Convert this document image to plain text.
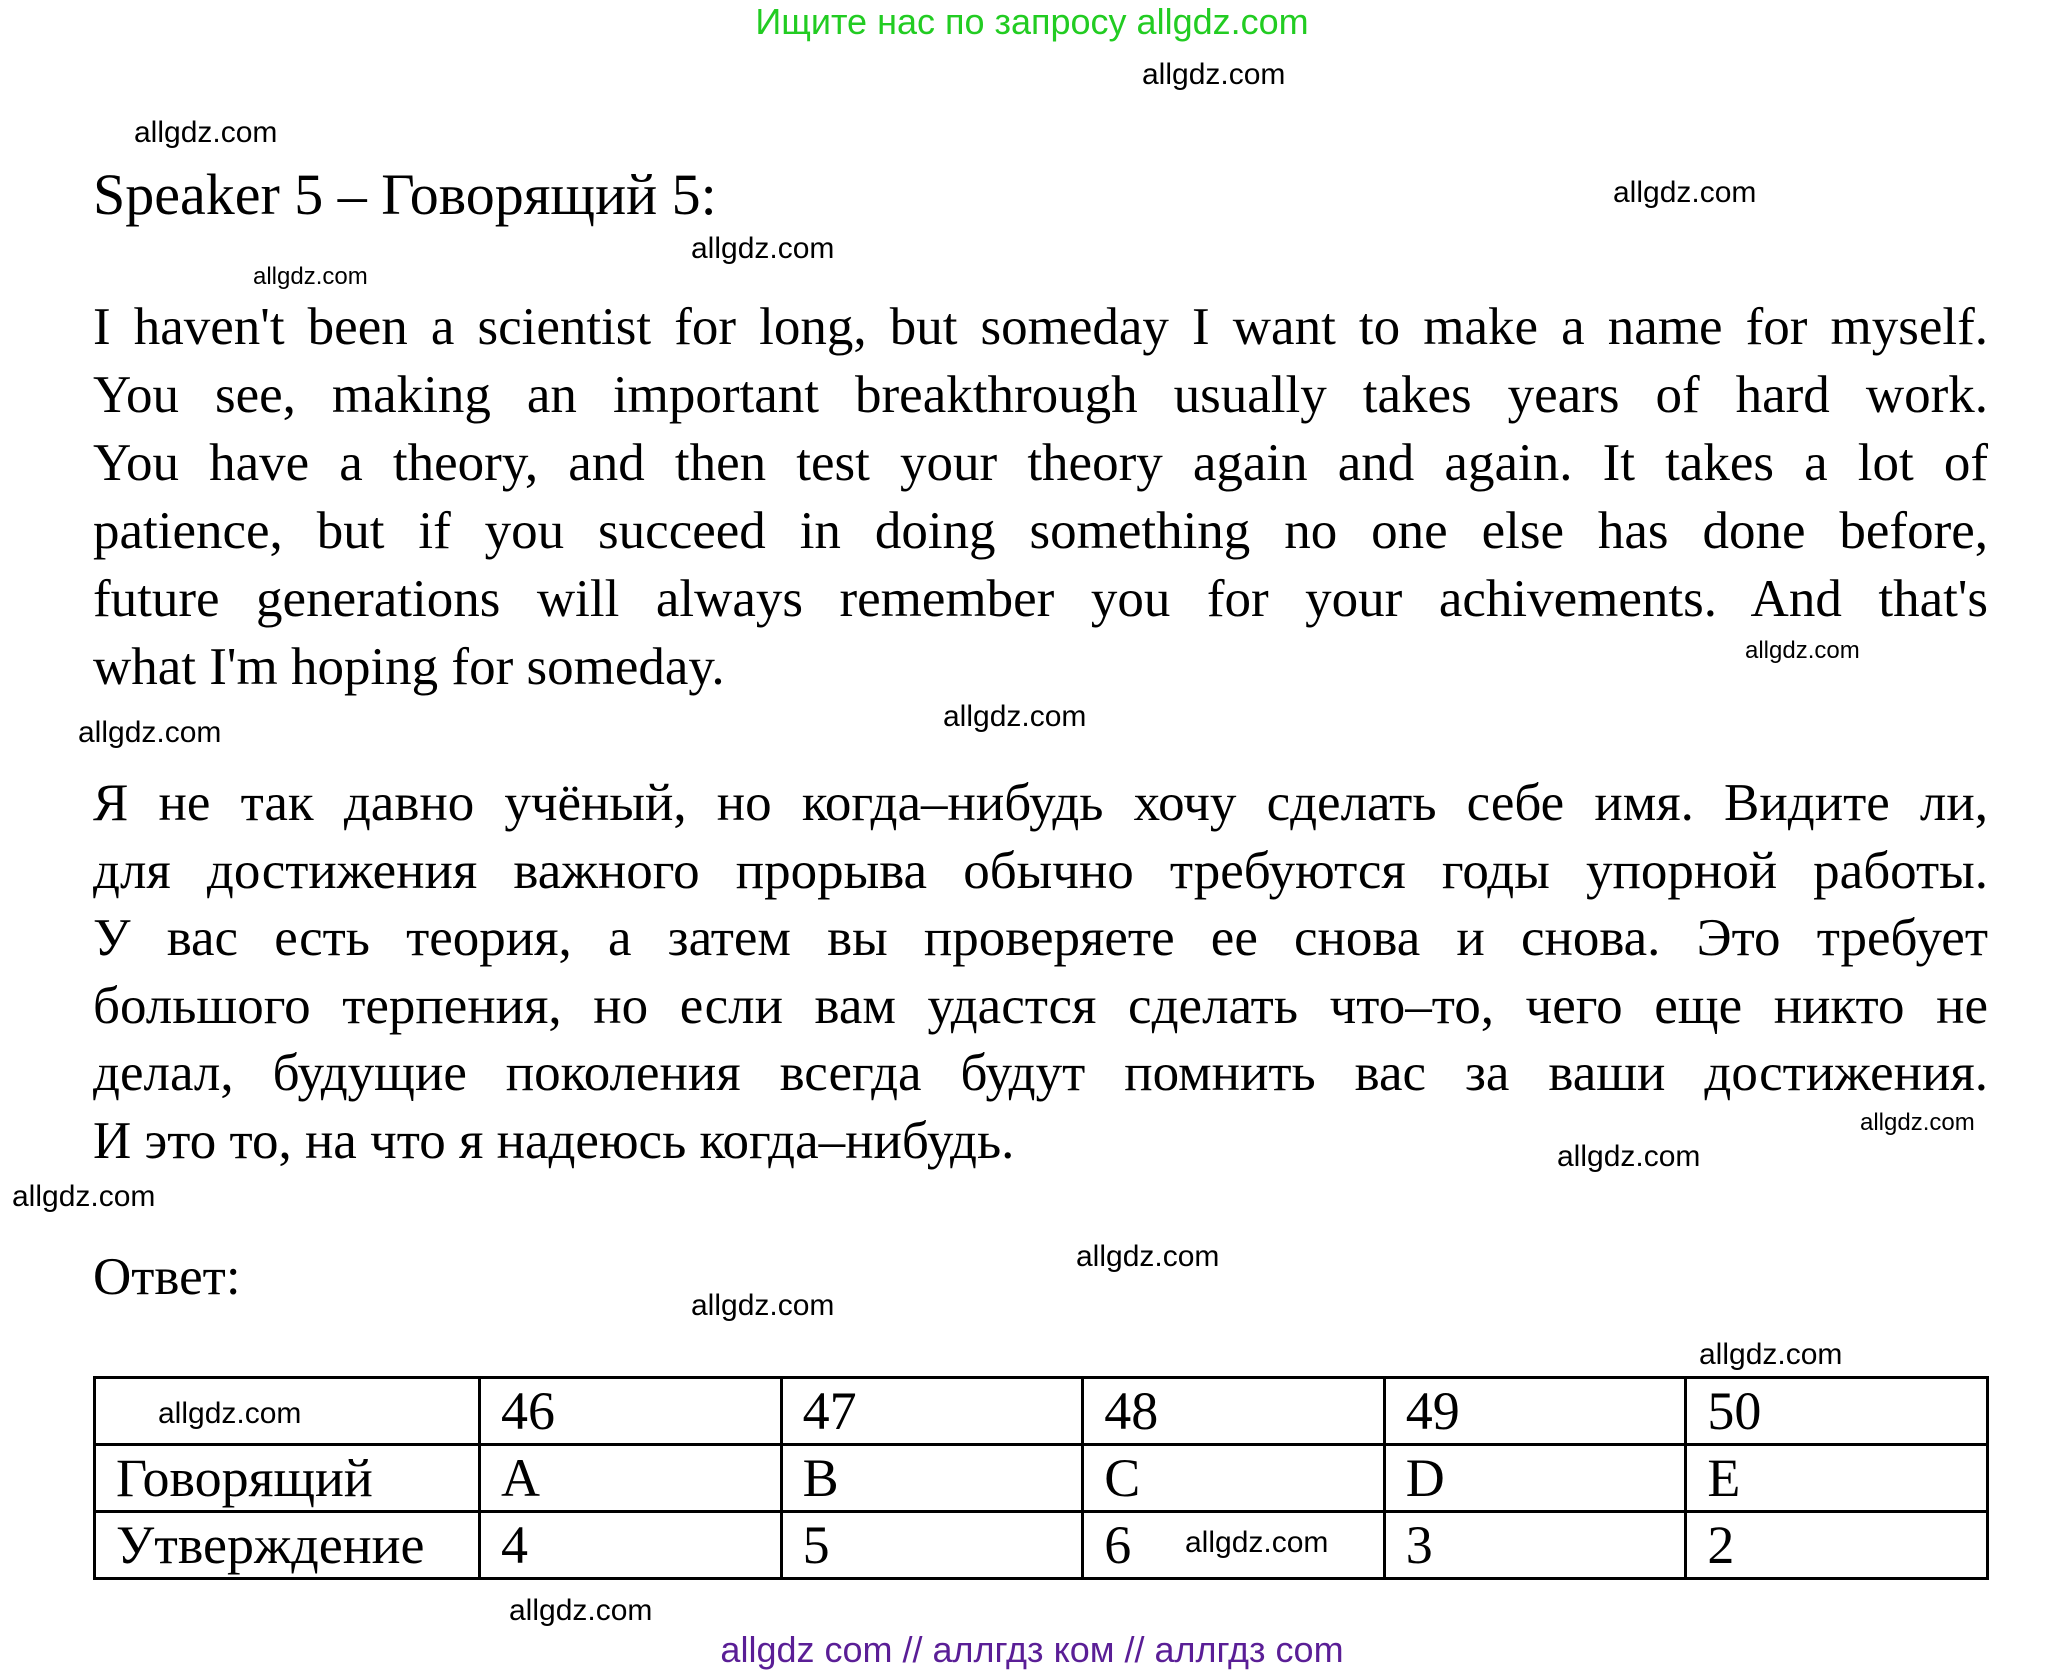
Ищите нас по запросу allgdz.com
Speaker 5 – Говорящий 5:
I haven't been a scientist for long, but someday I want to make a name for myself.
You see, making an important breakthrough usually takes years of hard work.
You have a theory, and then test your theory again and again. It takes a lot of
patience, but if you succeed in doing something no one else has done before,
future generations will always remember you for your achivements. And that's
what I'm hoping for someday.
Я не так давно учёный, но когда–нибудь хочу сделать себе имя. Видите ли,
для достижения важного прорыва обычно требуются годы упорной работы.
У вас есть теория, а затем вы проверяете ее снова и снова. Это требует
большого терпения, но если вам удастся сделать что–то, чего еще никто не
делал, будущие поколения всегда будут помнить вас за ваши достижения.
И это то, на что я надеюсь когда–нибудь.
Ответ:
	46	47	48	49	50
Говорящий	A	B	C	D	E
Утверждение	4	5	6	3	2
allgdz.com
allgdz.com
allgdz.com
allgdz.com
allgdz.com
allgdz.com
allgdz.com
allgdz.com
allgdz.com
allgdz.com
allgdz.com
allgdz.com
allgdz.com
allgdz.com
allgdz.com
allgdz.com
allgdz.com
allgdz com // аллгдз ком // аллгдз com
